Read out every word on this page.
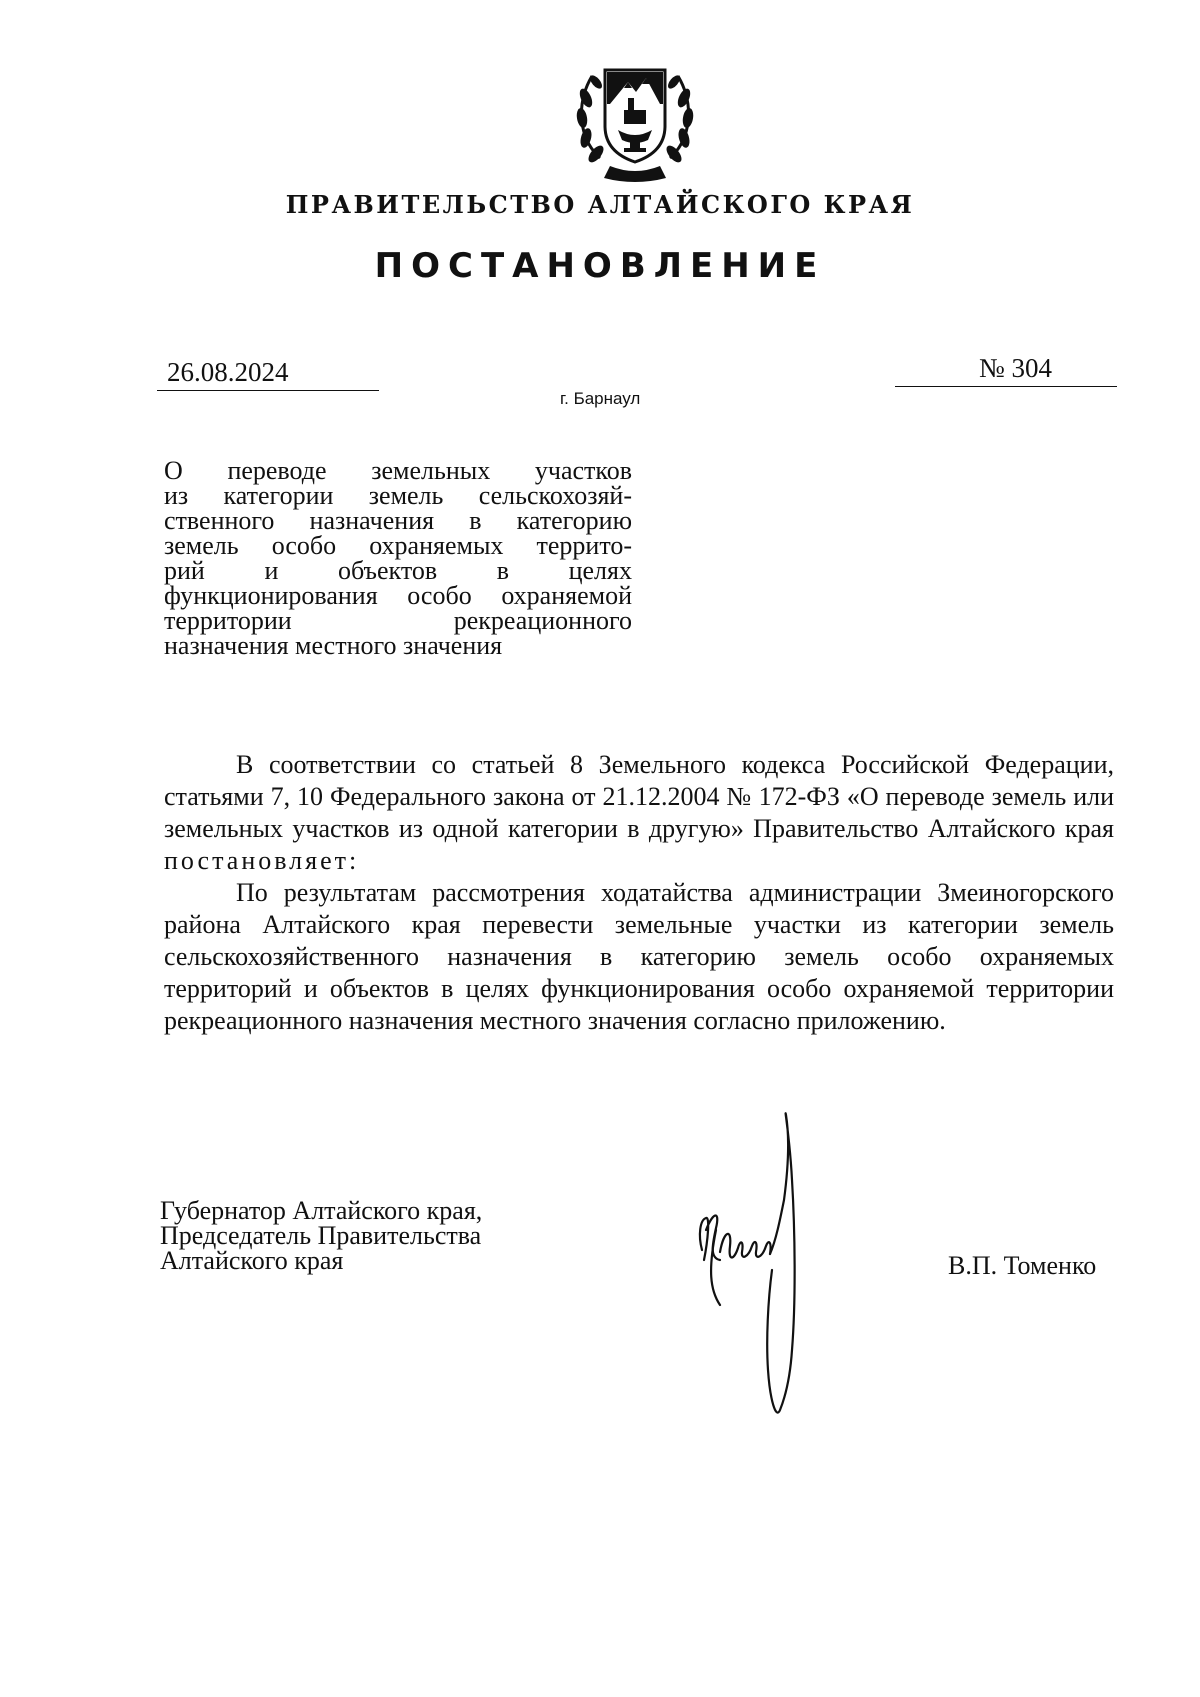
ПРАВИТЕЛЬСТВО АЛТАЙСКОГО КРАЯ
ПОСТАНОВЛЕНИЕ
26.08.2024	№ 304
г. Барнаул
О переводе земельных участков
из категории земель сельскохозяй-
ственного назначения в категорию
земель особо охраняемых террито-
рий и объектов в целях
функционирования особо охраняемой
территории рекреационного
назначения местного значения

В соответствии со статьей 8 Земельного кодекса Российской Федерации, статьями 7, 10 Федерального закона от 21.12.2004 № 172-ФЗ «О переводе земель или земельных участков из одной категории в другую» Правительство Алтайского края постановляет:

По результатам рассмотрения ходатайства администрации Змеиногорского района Алтайского края перевести земельные участки из категории земель сельскохозяйственного назначения в категорию земель особо охраняемых территорий и объектов в целях функционирования особо охраняемой территории рекреационного назначения местного значения согласно приложению.

Губернатор Алтайского края,
Председатель Правительства
Алтайского края	В.П. Томенко
